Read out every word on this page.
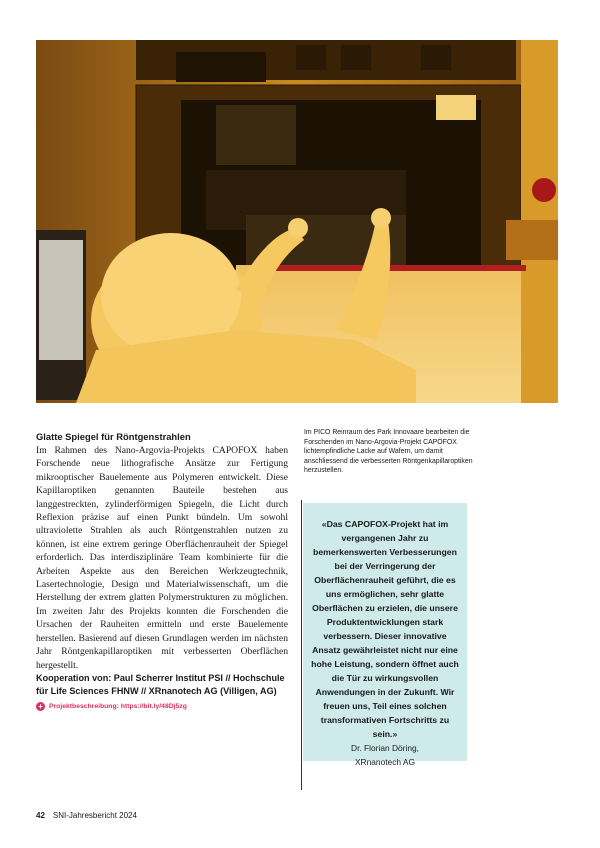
Glatte Spiegel für Röntgenstrahlen

Im Rahmen des Nano-Argovia-Projekts CAPOFOX haben Forschende neue lithografische Ansätze zur Fertigung mikrooptischer Bauelemente aus Polymeren entwickelt. Diese Kapillaroptiken genannten Bauteile bestehen aus langgestreckten, zylinderförmigen Spiegeln, die Licht durch Reflexion präzise auf einen Punkt bündeln. Um sowohl ultraviolette Strahlen als auch Röntgenstrahlen nutzen zu können, ist eine extrem geringe Oberflächenrauheit der Spiegel erforderlich. Das interdisziplinäre Team kombinierte für die Arbeiten Aspekte aus den Bereichen Werkzeugtechnik, Lasertechnologie, Design und Materialwissenschaft, um die Herstellung der extrem glatten Polymerstrukturen zu möglichen. Im zweiten Jahr des Projekts konnten die Forschenden die Ursachen der Rauheiten ermitteln und erste Bauelemente herstellen. Basierend auf diesen Grundlagen werden im nächsten Jahr Röntgenkapillaroptiken mit verbesserten Oberflächen hergestellt.

Kooperation von: Paul Scherrer Institut PSI // Hochschule für Life Sciences FHNW // XRnanotech AG (Villigen, AG)

+ Projektbeschreibung: https://bit.ly/48Dj5zg

Im PICO Reinraum des Park Innovaare bearbeiten die Forschenden im Nano-Argovia-Projekt CAPOFOX lichtempfindliche Lacke auf Wafern, um damit anschliessend die verbesserten Röntgenkapillaroptiken herzustellen.

«Das CAPOFOX-Projekt hat im vergangenen Jahr zu bemerkenswerten Verbesserungen bei der Verringerung der Oberflächenrauheit geführt, die es uns ermöglichen, sehr glatte Oberflächen zu erzielen, die unsere Produktentwicklungen stark verbessern. Dieser innovative Ansatz gewährleistet nicht nur eine hohe Leistung, sondern öffnet auch die Tür zu wirkungsvollen Anwendungen in der Zukunft. Wir freuen uns, Teil eines solchen transformativen Fortschritts zu sein.»

Dr. Florian Döring,

XRnanotech AG

42 SNI-Jahresbericht 2024
